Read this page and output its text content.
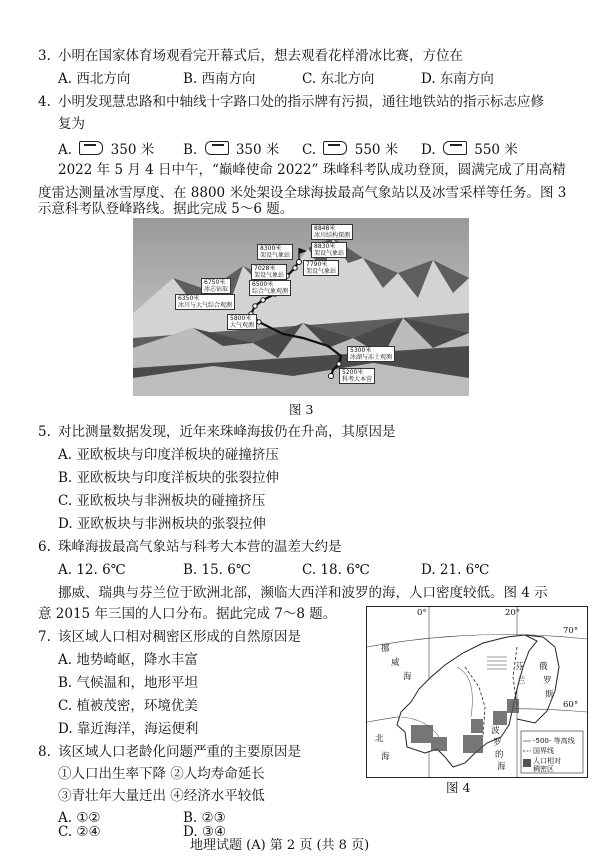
3. 小明在国家体育场观看完开幕式后，想去观看花样滑冰比赛，方位在
A. 西北方向	B. 西南方向	C. 东北方向	D. 东南方向
4. 小明发现慧忠路和中轴线十字路口处的指示牌有污损，通往地铁站的指示标志应修
复为
A.	350 米 B.	350 米 C.	550 米 D.	550 米
2022 年 5 月 4 日中午，“巅峰使命 2022” 珠峰科考队成功登顶，圆满完成了用高精
度雷达测量冰雪厚度、在 8800 米处架设全球海拔最高气象站以及冰雪采样等任务。图 3
示意科考队登峰路线。据此完成 5～6 题。
8848米
冰川结构探测
8830米
架设气象站
8300米
架设气象站
7790米
架设气象站
7028米
架设气象站
6750米
冰芯钻取
6500米
综合气象观测
6350米
冰川与大气综合观测
5800米
大气观测
5300米
冰湖与冻土观测
5200米
科考大本营
图 3
5. 对比测量数据发现，近年来珠峰海拔仍在升高，其原因是
A. 亚欧板块与印度洋板块的碰撞挤压
B. 亚欧板块与印度洋板块的张裂拉伸
C. 亚欧板块与非洲板块的碰撞挤压
D. 亚欧板块与非洲板块的张裂拉伸
6. 珠峰海拔最高气象站与科考大本营的温差大约是
A. 12. 6℃	B. 15. 6℃	C. 18. 6℃	D. 21. 6℃
挪威、瑞典与芬兰位于欧洲北部，濒临大西洋和波罗的海，人口密度较低。图 4 示
意 2015 年三国的人口分布。据此完成 7～8 题。
7. 该区域人口相对稠密区形成的自然原因是
A. 地势崎岖，降水丰富
B. 气候温和，地形平坦
C. 植被茂密，环境优美
D. 靠近海洋，海运便利
8. 该区域人口老龄化问题严重的主要原因是
①人口出生率下降 ②人均寿命延长
③青壮年大量迁出 ④经济水平较低
A. ①②	B. ②③
0°	20°
70°
60°
挪
威
海
北
海
波
罗
的
海
芬
兰
俄
罗
斯
-500- 等高线
国界线
人口相对
稠密区
图 4
地理试题 (A) 第 2 页 (共 8 页)
C. ②④	D. ③④
